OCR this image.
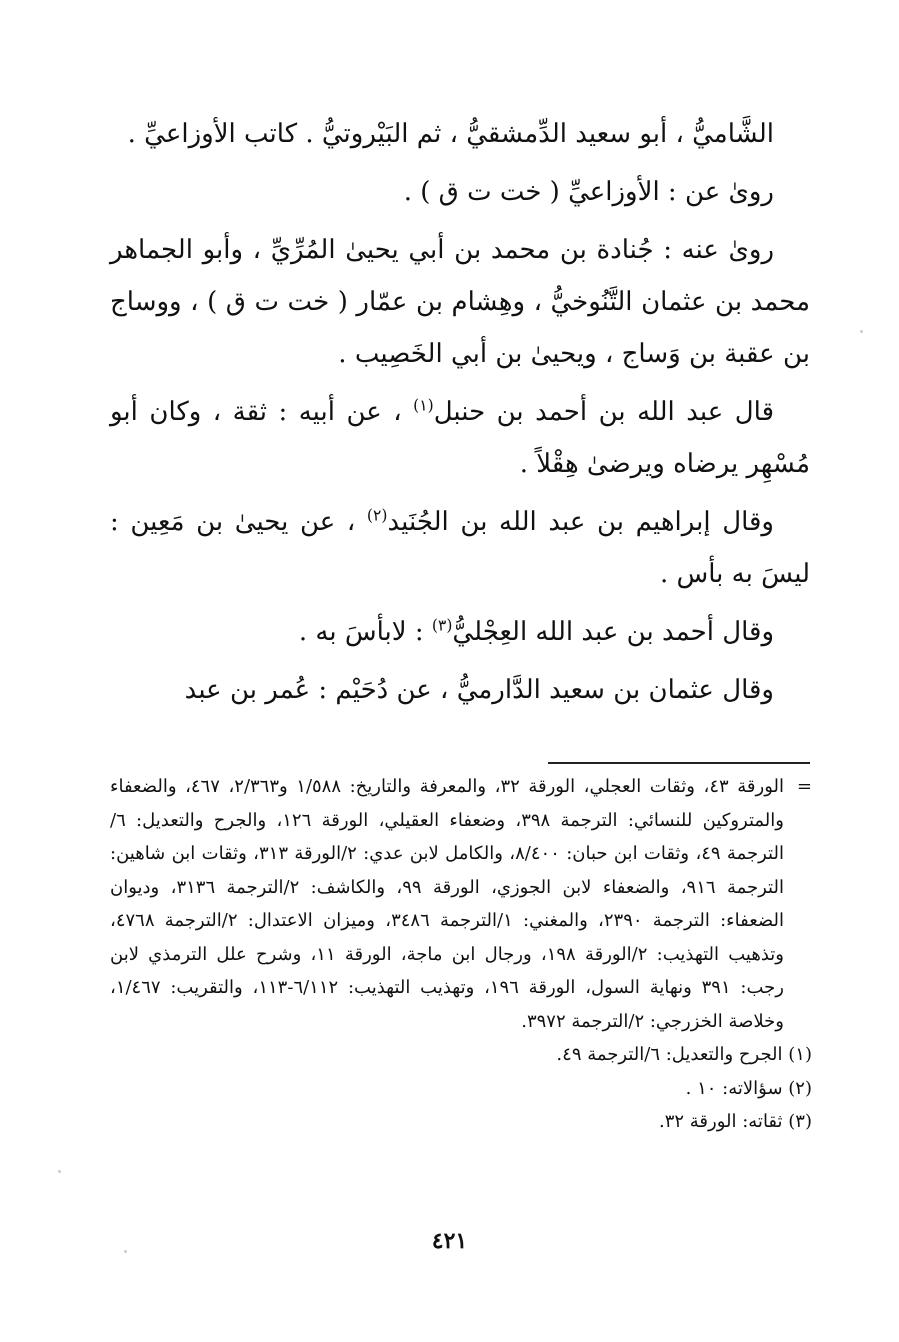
الشَّاميُّ ، أبو سعيد الدِّمشقيُّ ، ثم البَيْروتيُّ . كاتب الأوزاعيِّ .

روىٰ عن : الأوزاعيِّ ( خت ت ق ) .

روىٰ عنه : جُنادة بن محمد بن أبي يحيىٰ المُرِّيِّ ، وأبو الجماهر محمد بن عثمان التَّنُوخيُّ ، وهِشام بن عمّار ( خت ت ق ) ، ووساج بن عقبة بن وَساج ، ويحيىٰ بن أبي الخَصِيب .

قال عبد الله بن أحمد بن حنبل$^{(١)}$ ، عن أبيه : ثقة ، وكان أبو مُسْهِر يرضاه ويرضىٰ هِقْلاً .

وقال إبراهيم بن عبد الله بن الجُنَيد$^{(٢)}$ ، عن يحيىٰ بن مَعِين : ليسَ به بأس .

وقال أحمد بن عبد الله العِجْليُّ$^{(٣)}$ : لابأسَ به .

وقال عثمان بن سعيد الدَّارميُّ ، عن دُحَيْم : عُمر بن عبد

=
الورقة ٤٣، وثقات العجلي، الورقة ٣٢، والمعرفة والتاريخ: ١/٥٨٨ و٢/٣٦٣، ٤٦٧، والضعفاء والمتروكين للنسائي: الترجمة ٣٩٨، وضعفاء العقيلي، الورقة ١٢٦، والجرح والتعديل: ٦/الترجمة ٤٩، وثقات ابن حبان: ٨/٤٠٠، والكامل لابن عدي: ٢/الورقة ٣١٣، وثقات ابن شاهين: الترجمة ٩١٦، والضعفاء لابن الجوزي، الورقة ٩٩، والكاشف: ٢/الترجمة ٣١٣٦، وديوان الضعفاء: الترجمة ٢٣٩٠، والمغني: ١/الترجمة ٣٤٨٦، وميزان الاعتدال: ٢/الترجمة ٤٧٦٨، وتذهيب التهذيب: ٢/الورقة ١٩٨، ورجال ابن ماجة، الورقة ١١، وشرح علل الترمذي لابن رجب: ٣٩١ ونهاية السول، الورقة ١٩٦، وتهذيب التهذيب: ٦/١١٢-١١٣، والتقريب: ١/٤٦٧، وخلاصة الخزرجي: ٢/الترجمة ٣٩٧٢.

(١) الجرح والتعديل: ٦/الترجمة ٤٩.

(٢) سؤالاته: ١٠ .

(٣) ثقاته: الورقة ٣٢.

٤٢١
